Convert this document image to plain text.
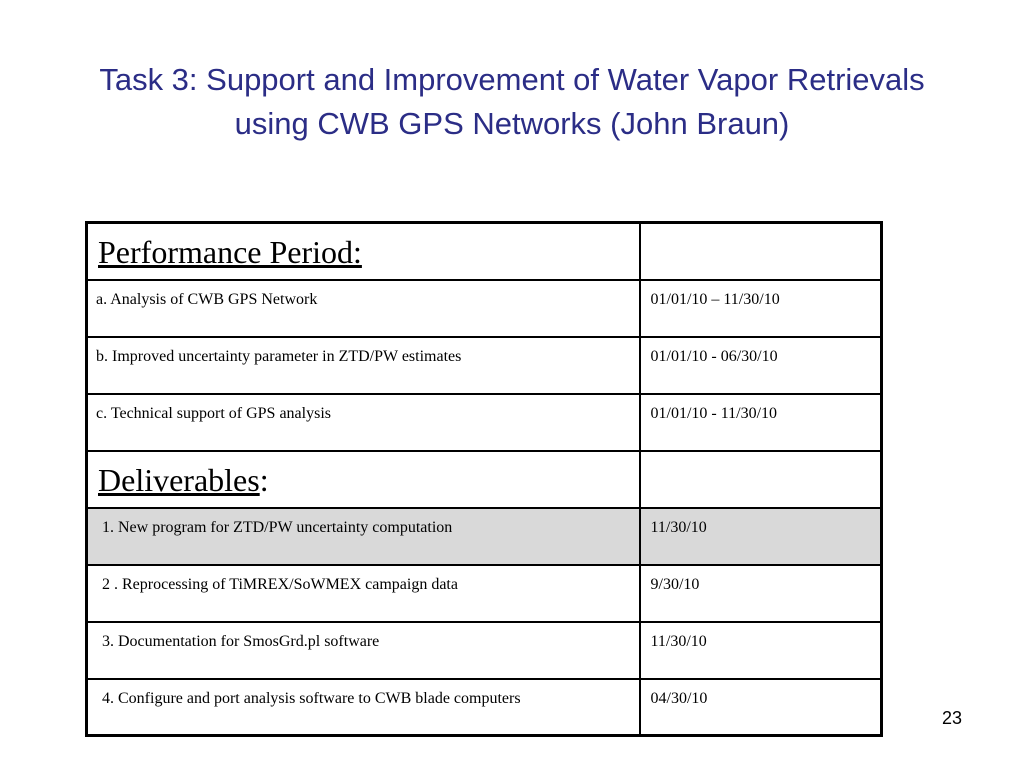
Task 3: Support and Improvement of Water Vapor Retrievals
using CWB GPS Networks (John Braun)
Performance Period:	
a. Analysis of CWB GPS Network	01/01/10 – 11/30/10
b. Improved uncertainty parameter in ZTD/PW estimates	01/01/10 - 06/30/10
c. Technical support of GPS analysis	01/01/10 - 11/30/10
Deliverables:	
1. New program for ZTD/PW uncertainty computation	11/30/10
2 . Reprocessing of TiMREX/SoWMEX campaign data	9/30/10
3. Documentation for SmosGrd.pl software	11/30/10
4. Configure and port analysis software to CWB blade computers	04/30/10
23
